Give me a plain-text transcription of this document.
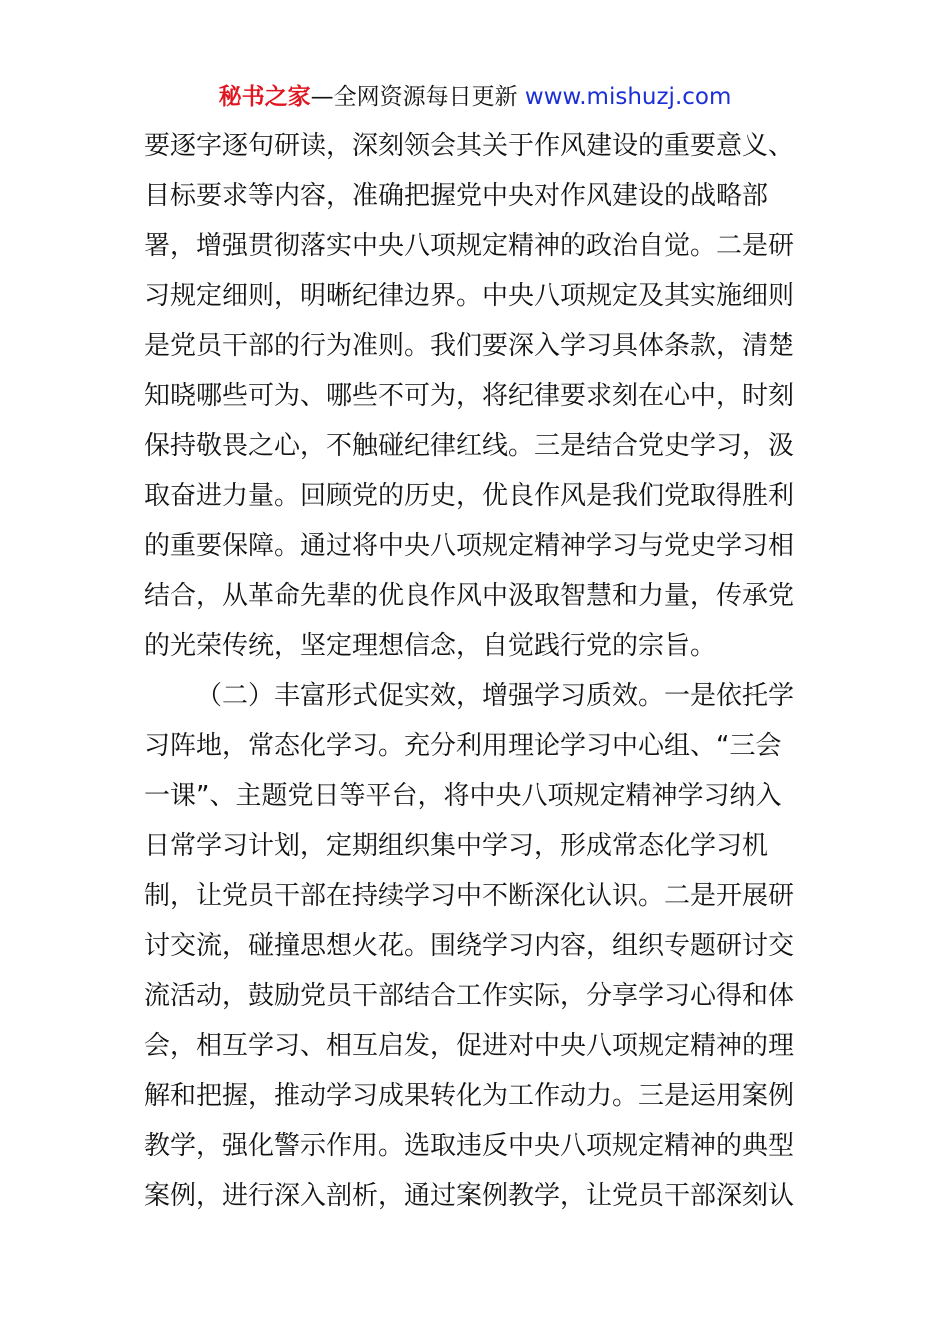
秘书之家—全网资源每日更新 www.mishuzj.com
要逐字逐句研读，深刻领会其关于作风建设的重要意义、
目标要求等内容，准确把握党中央对作风建设的战略部
署，增强贯彻落实中央八项规定精神的政治自觉。二是研
习规定细则，明晰纪律边界。中央八项规定及其实施细则
是党员干部的行为准则。我们要深入学习具体条款，清楚
知晓哪些可为、哪些不可为，将纪律要求刻在心中，时刻
保持敬畏之心，不触碰纪律红线。三是结合党史学习，汲
取奋进力量。回顾党的历史，优良作风是我们党取得胜利
的重要保障。通过将中央八项规定精神学习与党史学习相
结合，从革命先辈的优良作风中汲取智慧和力量，传承党
的光荣传统，坚定理想信念，自觉践行党的宗旨。
（二）丰富形式促实效，增强学习质效。一是依托学
习阵地，常态化学习。充分利用理论学习中心组、“三会
一课”、主题党日等平台，将中央八项规定精神学习纳入
日常学习计划，定期组织集中学习，形成常态化学习机
制，让党员干部在持续学习中不断深化认识。二是开展研
讨交流，碰撞思想火花。围绕学习内容，组织专题研讨交
流活动，鼓励党员干部结合工作实际，分享学习心得和体
会，相互学习、相互启发，促进对中央八项规定精神的理
解和把握，推动学习成果转化为工作动力。三是运用案例
教学，强化警示作用。选取违反中央八项规定精神的典型
案例，进行深入剖析，通过案例教学，让党员干部深刻认
